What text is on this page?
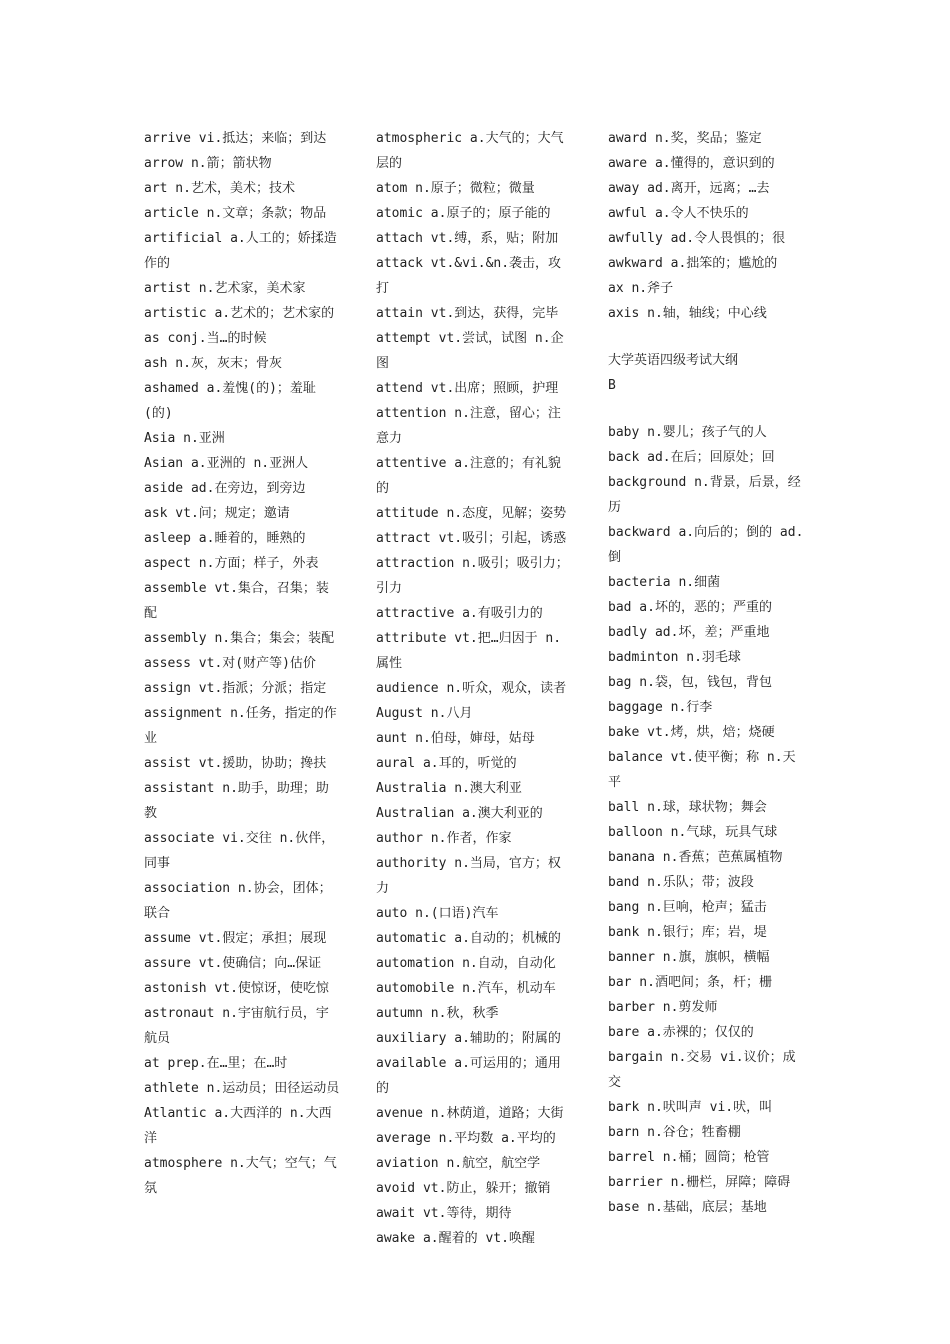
arrive vi.抵达；来临；到达

arrow n.箭；箭状物

art n.艺术，美术；技术

article n.文章；条款；物品

artificial a.人工的；娇揉造作的

artist n.艺术家，美术家

artistic a.艺术的；艺术家的

as conj.当…的时候

ash n.灰，灰末；骨灰

ashamed a.羞愧(的)；羞耻(的)

Asia n.亚洲

Asian a.亚洲的 n.亚洲人

aside ad.在旁边，到旁边

ask vt.问；规定；邀请

asleep a.睡着的，睡熟的

aspect n.方面；样子，外表

assemble vt.集合，召集；装配

assembly n.集合；集会；装配

assess vt.对(财产等)估价

assign vt.指派；分派；指定

assignment n.任务，指定的作业

assist vt.援助，协助；搀扶

assistant n.助手，助理；助教

associate vi.交往 n.伙伴，同事

association n.协会，团体；联合

assume vt.假定；承担；展现

assure vt.使确信；向…保证

astonish vt.使惊讶，使吃惊

astronaut n.宇宙航行员，宇航员

at prep.在…里；在…时

athlete n.运动员；田径运动员

Atlantic a.大西洋的 n.大西洋

atmosphere n.大气；空气；气氛

atmospheric a.大气的；大气层的

atom n.原子；微粒；微量

atomic a.原子的；原子能的

attach vt.缚，系，贴；附加

attack vt.&vi.&n.袭击，攻打

attain vt.到达，获得，完毕

attempt vt.尝试，试图 n.企图

attend vt.出席；照顾，护理

attention n.注意，留心；注意力

attentive a.注意的；有礼貌的

attitude n.态度，见解；姿势

attract vt.吸引；引起，诱惑

attraction n.吸引；吸引力；引力

attractive a.有吸引力的

attribute vt.把…归因于 n.属性

audience n.听众，观众，读者

August n.八月

aunt n.伯母，婶母，姑母

aural a.耳的，听觉的

Australia n.澳大利亚

Australian a.澳大利亚的

author n.作者，作家

authority n.当局，官方；权力

auto n.(口语)汽车

automatic a.自动的；机械的

automation n.自动，自动化

automobile n.汽车，机动车

autumn n.秋，秋季

auxiliary a.辅助的；附属的

available a.可运用的；通用的

avenue n.林荫道，道路；大街

average n.平均数 a.平均的

aviation n.航空，航空学

avoid vt.防止，躲开；撤销

await vt.等待，期待

awake a.醒着的 vt.唤醒

award n.奖，奖品；鉴定

aware a.懂得的，意识到的

away ad.离开，远离；…去

awful a.令人不快乐的

awfully ad.令人畏惧的；很

awkward a.拙笨的；尴尬的

ax n.斧子

axis n.轴，轴线；中心线

大学英语四级考试大纲

B

baby n.婴儿；孩子气的人

back ad.在后；回原处；回

background n.背景，后景，经历

backward a.向后的；倒的 ad.倒

bacteria n.细菌

bad a.坏的，恶的；严重的

badly ad.坏，差；严重地

badminton n.羽毛球

bag n.袋，包，钱包，背包

baggage n.行李

bake vt.烤，烘，焙；烧硬

balance vt.使平衡；称 n.天平

ball n.球，球状物；舞会

balloon n.气球，玩具气球

banana n.香蕉；芭蕉属植物

band n.乐队；带；波段

bang n.巨响，枪声；猛击

bank n.银行；库；岩，堤

banner n.旗，旗帜，横幅

bar n.酒吧间；条，杆；栅

barber n.剪发师

bare a.赤裸的；仅仅的

bargain n.交易 vi.议价；成交

bark n.吠叫声 vi.吠，叫

barn n.谷仓；牲畜棚

barrel n.桶；圆筒；枪管

barrier n.栅栏，屏障；障碍

base n.基础，底层；基地
